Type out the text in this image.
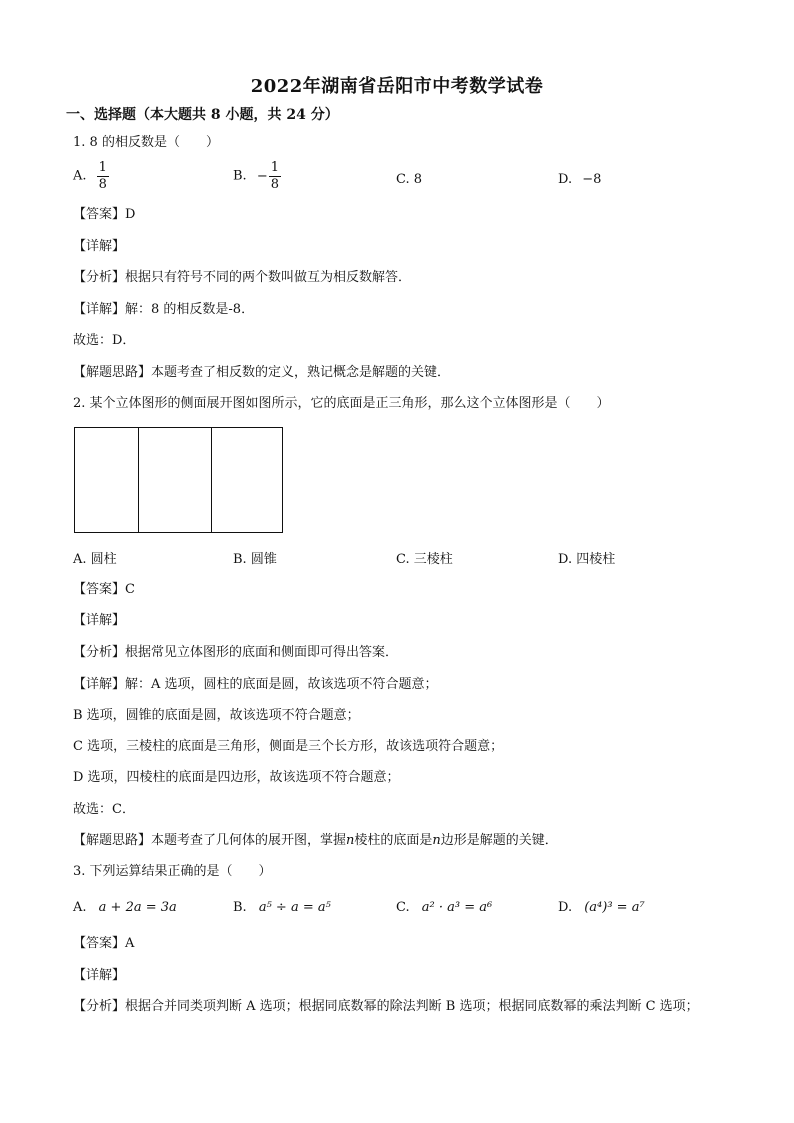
2022年湖南省岳阳市中考数学试卷
一、选择题（本大题共 8 小题，共 24 分）
1. 8 的相反数是（　　）
A. $\frac{1}{8}$	B. − $\frac{1}{8}$	C. 8	D. −8
【答案】D
【详解】
【分析】根据只有符号不同的两个数叫做互为相反数解答．
【详解】解：8 的相反数是-8．
故选：D．
【解题思路】本题考查了相反数的定义，熟记概念是解题的关键．
2. 某个立体图形的侧面展开图如图所示，它的底面是正三角形，那么这个立体图形是（　　）
A. 圆柱	B. 圆锥	C. 三棱柱	D. 四棱柱
【答案】C
【详解】
【分析】根据常见立体图形的底面和侧面即可得出答案．
【详解】解：A 选项，圆柱的底面是圆，故该选项不符合题意；
B 选项，圆锥的底面是圆，故该选项不符合题意；
C 选项，三棱柱的底面是三角形，侧面是三个长方形，故该选项符合题意；
D 选项，四棱柱的底面是四边形，故该选项不符合题意；
故选：C．
【解题思路】本题考查了几何体的展开图，掌握n棱柱的底面是n边形是解题的关键．
3. 下列运算结果正确的是（　　）
A. a + 2a = 3a	B. a⁵ ÷ a = a⁵	C. a² · a³ = a⁶	D. (a⁴)³ = a⁷
【答案】A
【详解】
【分析】根据合并同类项判断 A 选项；根据同底数幂的除法判断 B 选项；根据同底数幂的乘法判断 C 选项；
